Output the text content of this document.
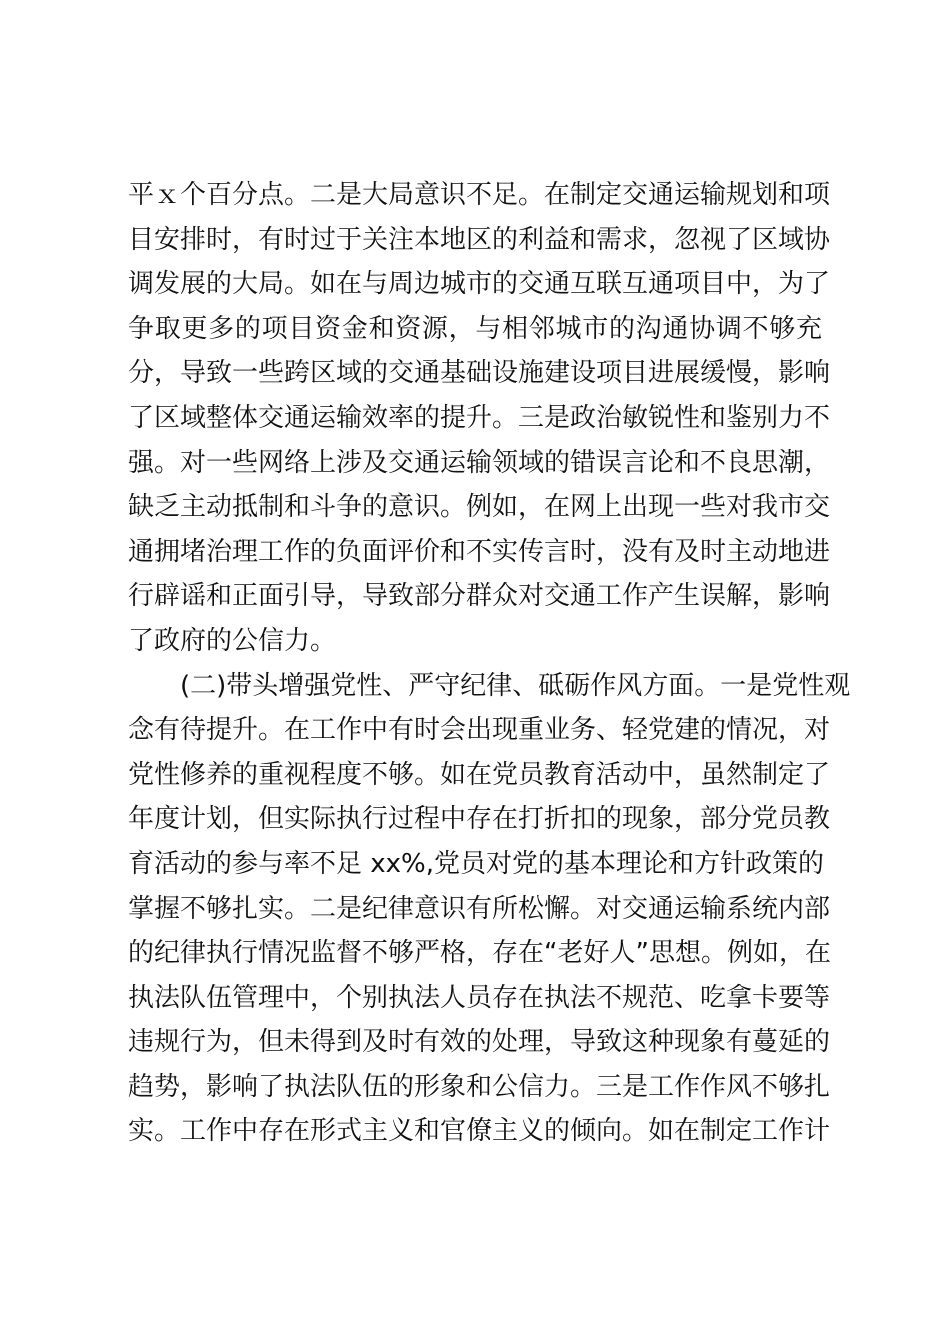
平ｘ个百分点。二是大局意识不足。在制定交通运输规划和项
目安排时，有时过于关注本地区的利益和需求，忽视了区域协
调发展的大局。如在与周边城市的交通互联互通项目中，为了
争取更多的项目资金和资源，与相邻城市的沟通协调不够充
分，导致一些跨区域的交通基础设施建设项目进展缓慢，影响
了区域整体交通运输效率的提升。三是政治敏锐性和鉴别力不
强。对一些网络上涉及交通运输领域的错误言论和不良思潮，
缺乏主动抵制和斗争的意识。例如，在网上出现一些对我市交
通拥堵治理工作的负面评价和不实传言时，没有及时主动地进
行辟谣和正面引导，导致部分群众对交通工作产生误解，影响
了政府的公信力。
(二)带头增强党性、严守纪律、砥砺作风方面。一是党性观
念有待提升。在工作中有时会出现重业务、轻党建的情况，对
党性修养的重视程度不够。如在党员教育活动中，虽然制定了
年度计划，但实际执行过程中存在打折扣的现象，部分党员教
育活动的参与率不足 xx%,党员对党的基本理论和方针政策的
掌握不够扎实。二是纪律意识有所松懈。对交通运输系统内部
的纪律执行情况监督不够严格，存在“老好人”思想。例如，在
执法队伍管理中，个别执法人员存在执法不规范、吃拿卡要等
违规行为，但未得到及时有效的处理，导致这种现象有蔓延的
趋势，影响了执法队伍的形象和公信力。三是工作作风不够扎
实。工作中存在形式主义和官僚主义的倾向。如在制定工作计
